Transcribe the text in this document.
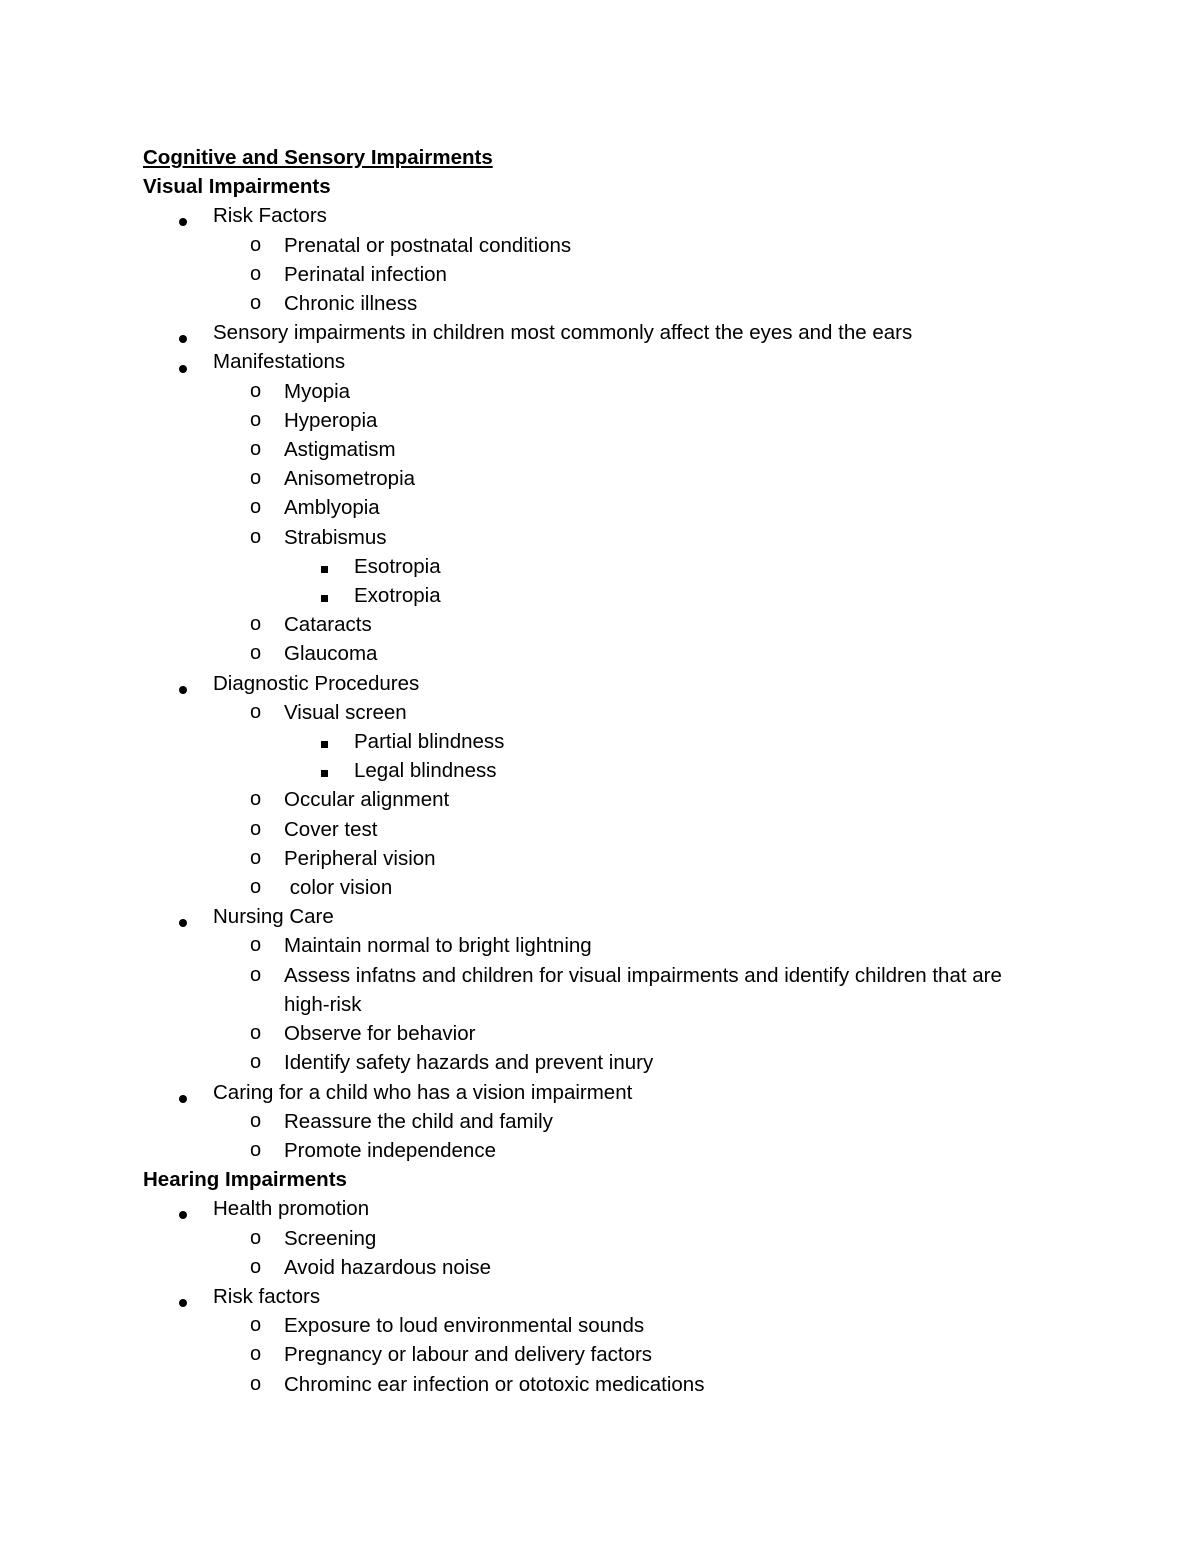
Cognitive and Sensory Impairments
Visual Impairments
Risk Factors
o Prenatal or postnatal conditions
o Perinatal infection
o Chronic illness
Sensory impairments in children most commonly affect the eyes and the ears
Manifestations
o Myopia
o Hyperopia
o Astigmatism
o Anisometropia
o Amblyopia
o Strabismus
Esotropia
Exotropia
o Cataracts
o Glaucoma
Diagnostic Procedures
o Visual screen
Partial blindness
Legal blindness
o Occular alignment
o Cover test
o Peripheral vision
o color vision
Nursing Care
o Maintain normal to bright lightning
o Assess infatns and children for visual impairments and identify children that are
high-risk
o Observe for behavior
o Identify safety hazards and prevent inury
Caring for a child who has a vision impairment
o Reassure the child and family
o Promote independence
Hearing Impairments
Health promotion
o Screening
o Avoid hazardous noise
Risk factors
o Exposure to loud environmental sounds
o Pregnancy or labour and delivery factors
o Chrominc ear infection or ototoxic medications
